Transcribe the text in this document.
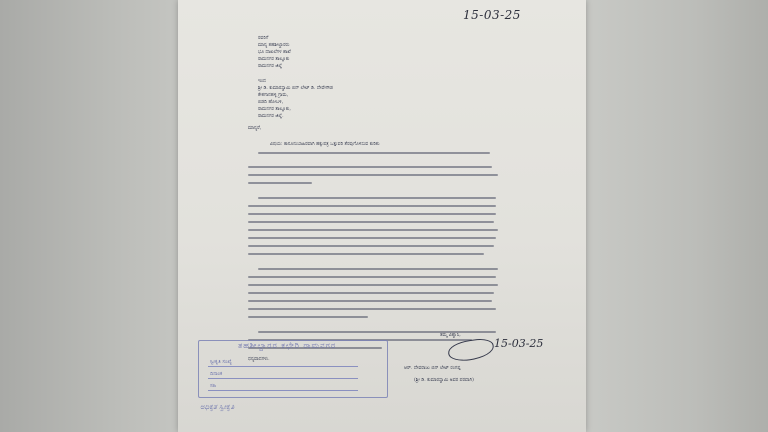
15-03-25
ರವರಿಗೆ
ಮಾನ್ಯ ತಹಶೀಲ್ದಾರರು
ಭೂ ದಾಖಲೆಗಳ ಶಾಖೆ
ರಾಮನಗರ ತಾಲ್ಲೂಕು
ರಾಮನಗರ ಜಿಲ್ಲೆ
ಇಂದ
ಶ್ರೀ ಡಿ. ಕುಮಾರಸ್ವಾಮಿ ಬಿನ್ ಲೇಟ್ ಡಿ. ದೇವೇಗೌಡ
ಕೇತಗಾನಹಳ್ಳಿ ಗ್ರಾಮ,
ಬಿಡದಿ ಹೋಬಳಿ,
ರಾಮನಗರ ತಾಲ್ಲೂಕು,
ರಾಮನಗರ ಜಿಲ್ಲೆ.
ಮಾನ್ಯರೆ,
ವಿಷಯ: ಕಾನೂನುಬಾಹಿರವಾಗಿ ಹಕ್ಕುಪತ್ರ ಒತ್ತುವರಿ ತೆರವುಗೊಳಿಸುವ ಕುರಿತು
ಧನ್ಯವಾದಗಳು.
ತಮ್ಮ ವಿಶ್ವಾಸಿ,
15-03-25
ಆರ್. ದೇವರಾಜು ಬಿನ್ ಲೇಟ್ ರಂಗಪ್ಪ
(ಶ್ರೀ ಡಿ. ಕುಮಾರಸ್ವಾಮಿ ಅವರ ಪರವಾಗಿ)
ತಹಶೀಲ್ದಾರರ ಕಛೇರಿ ರಾಮನಗರ
ಸ್ವೀಕೃತಿ ಸಂಖ್ಯೆ
ದಿನಾಂಕ
ಸಹಿ
ಅಧಿಕೃತ ಸ್ವೀಕೃತಿ
